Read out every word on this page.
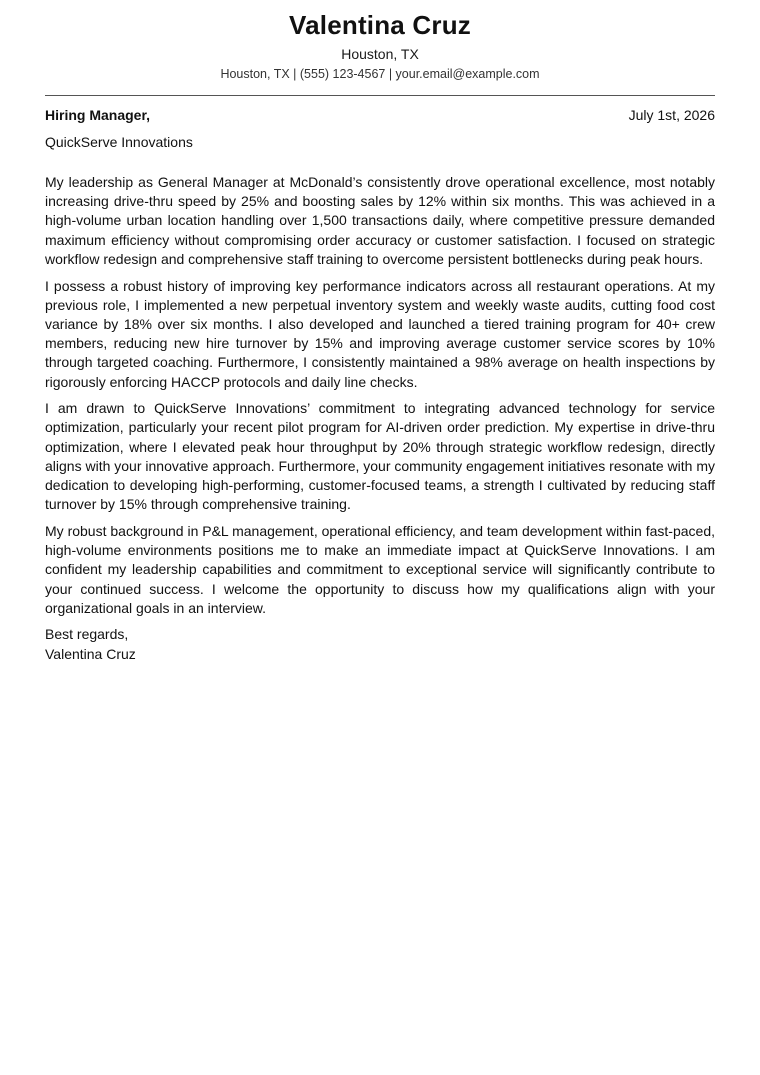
Valentina Cruz
Houston, TX
Houston, TX | (555) 123-4567 | your.email@example.com
Hiring Manager,	July 1st, 2026
QuickServe Innovations

My leadership as General Manager at McDonald’s consistently drove operational excellence, most notably increasing drive-thru speed by 25% and boosting sales by 12% within six months. This was achieved in a high-volume urban location handling over 1,500 transactions daily, where competitive pressure demanded maximum efficiency without compromising order accuracy or customer satisfaction. I focused on strategic workflow redesign and comprehensive staff training to overcome persistent bottlenecks during peak hours.

I possess a robust history of improving key performance indicators across all restaurant operations. At my previous role, I implemented a new perpetual inventory system and weekly waste audits, cutting food cost variance by 18% over six months. I also developed and launched a tiered training program for 40+ crew members, reducing new hire turnover by 15% and improving average customer service scores by 10% through targeted coaching. Furthermore, I consistently maintained a 98% average on health inspections by rigorously enforcing HACCP protocols and daily line checks.

I am drawn to QuickServe Innovations’ commitment to integrating advanced technology for service optimization, particularly your recent pilot program for AI-driven order prediction. My expertise in drive-thru optimization, where I elevated peak hour throughput by 20% through strategic workflow redesign, directly aligns with your innovative approach. Furthermore, your community engagement initiatives resonate with my dedication to developing high-performing, customer-focused teams, a strength I cultivated by reducing staff turnover by 15% through comprehensive training.

My robust background in P&L management, operational efficiency, and team development within fast-paced, high-volume environments positions me to make an immediate impact at QuickServe Innovations. I am confident my leadership capabilities and commitment to exceptional service will significantly contribute to your continued success. I welcome the opportunity to discuss how my qualifications align with your organizational goals in an interview.

Best regards,
Valentina Cruz
